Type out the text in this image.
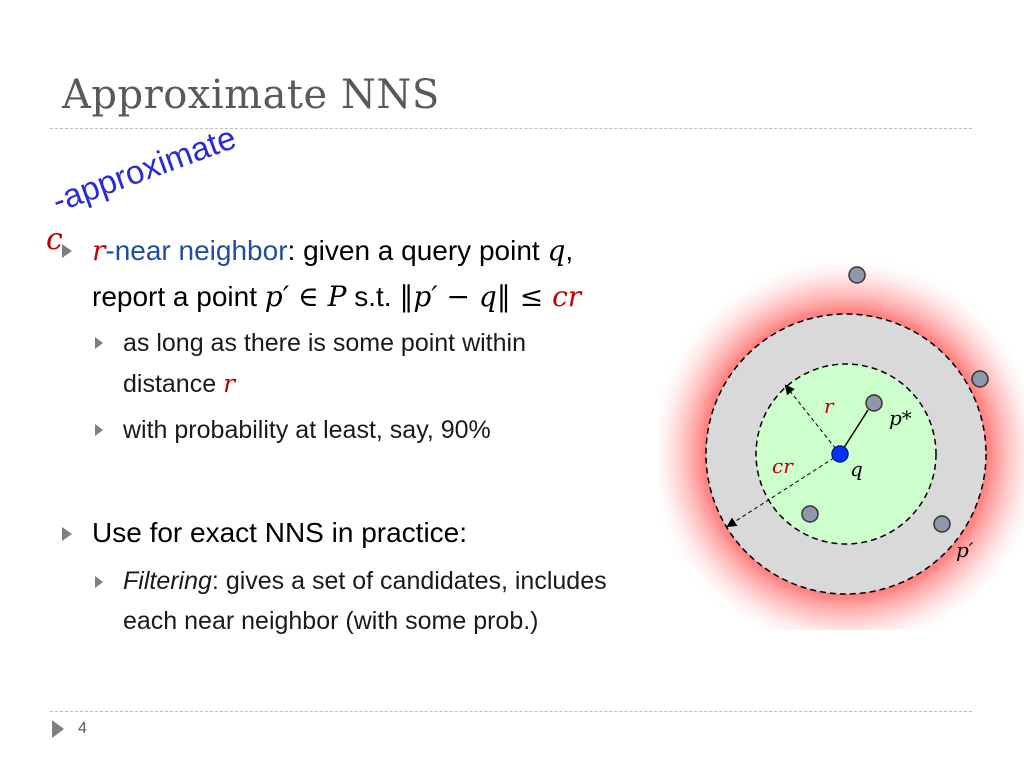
Approximate NNS
c
-approximate
r-near neighbor: given a query point q,
report a point p′ ∈ P s.t. ‖p′ − q‖ ≤ cr
as long as there is some point within
distance r
with probability at least, say, 90%
Use for exact NNS in practice:
Filtering: gives a set of candidates, includes
each near neighbor (with some prob.)
r
cr	q
p*
p′
4
